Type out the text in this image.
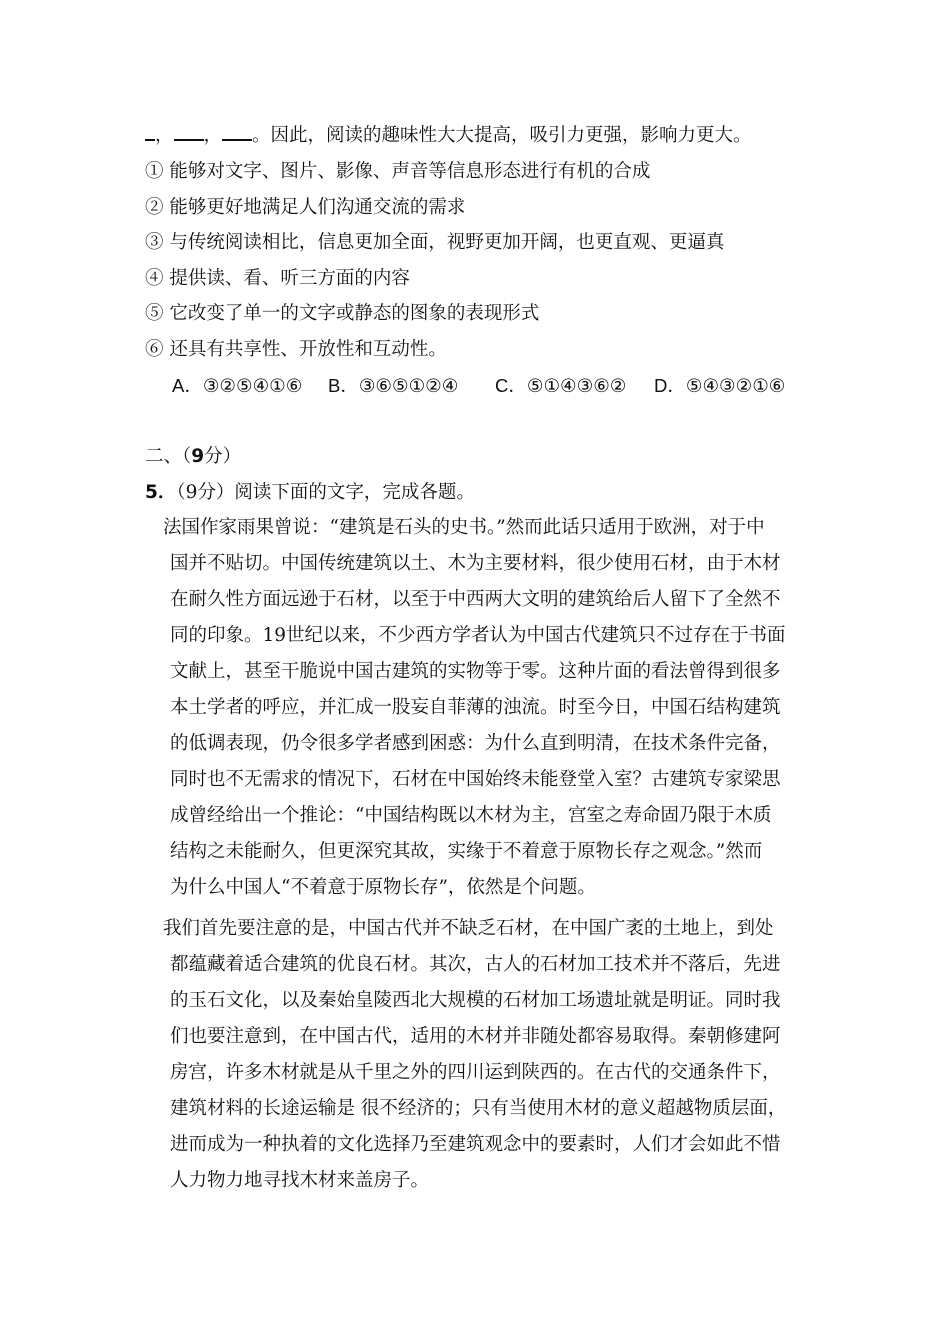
， ， 。因此，阅读的趣味性大大提高，吸引力更强，影响力更大。
① 能够对文字、图片、影像、声音等信息形态进行有机的合成
② 能够更好地满足人们沟通交流的需求
③ 与传统阅读相比，信息更加全面，视野更加开阔，也更直观、更逼真
④ 提供读、看、听三方面的内容
⑤ 它改变了单一的文字或静态的图象的表现形式
⑥ 还具有共享性、开放性和互动性。
A．③②⑤④①⑥ B．③⑥⑤①②④ C．⑤①④③⑥② D．⑤④③②①⑥
二、（9分）
5．（9分）阅读下面的文字，完成各题。
法国作家雨果曾说：“建筑是石头的史书。”然而此话只适用于欧洲，对于中
国并不贴切。中国传统建筑以土、木为主要材料，很少使用石材，由于木材
在耐久性方面远逊于石材，以至于中西两大文明的建筑给后人留下了全然不
同的印象。19世纪以来，不少西方学者认为中国古代建筑只不过存在于书面
文献上，甚至干脆说中国古建筑的实物等于零。这种片面的看法曾得到很多
本土学者的呼应，并汇成一股妄自菲薄的浊流。时至今日，中国石结构建筑
的低调表现，仍令很多学者感到困惑：为什么直到明清，在技术条件完备，
同时也不无需求的情况下，石材在中国始终未能登堂入室？古建筑专家梁思
成曾经给出一个推论：“中国结构既以木材为主，宫室之寿命固乃限于木质
结构之未能耐久，但更深究其故，实缘于不着意于原物长存之观念。”然而
为什么中国人“不着意于原物长存”，依然是个问题。
我们首先要注意的是，中国古代并不缺乏石材，在中国广袤的土地上，到处
都蕴藏着适合建筑的优良石材。其次，古人的石材加工技术并不落后，先进
的玉石文化，以及秦始皇陵西北大规模的石材加工场遗址就是明证。同时我
们也要注意到，在中国古代，适用的木材并非随处都容易取得。秦朝修建阿
房宫，许多木材就是从千里之外的四川运到陕西的。在古代的交通条件下，
建筑材料的长途运输是 很不经济的；只有当使用木材的意义超越物质层面，
进而成为一种执着的文化选择乃至建筑观念中的要素时，人们才会如此不惜
人力物力地寻找木材来盖房子。
